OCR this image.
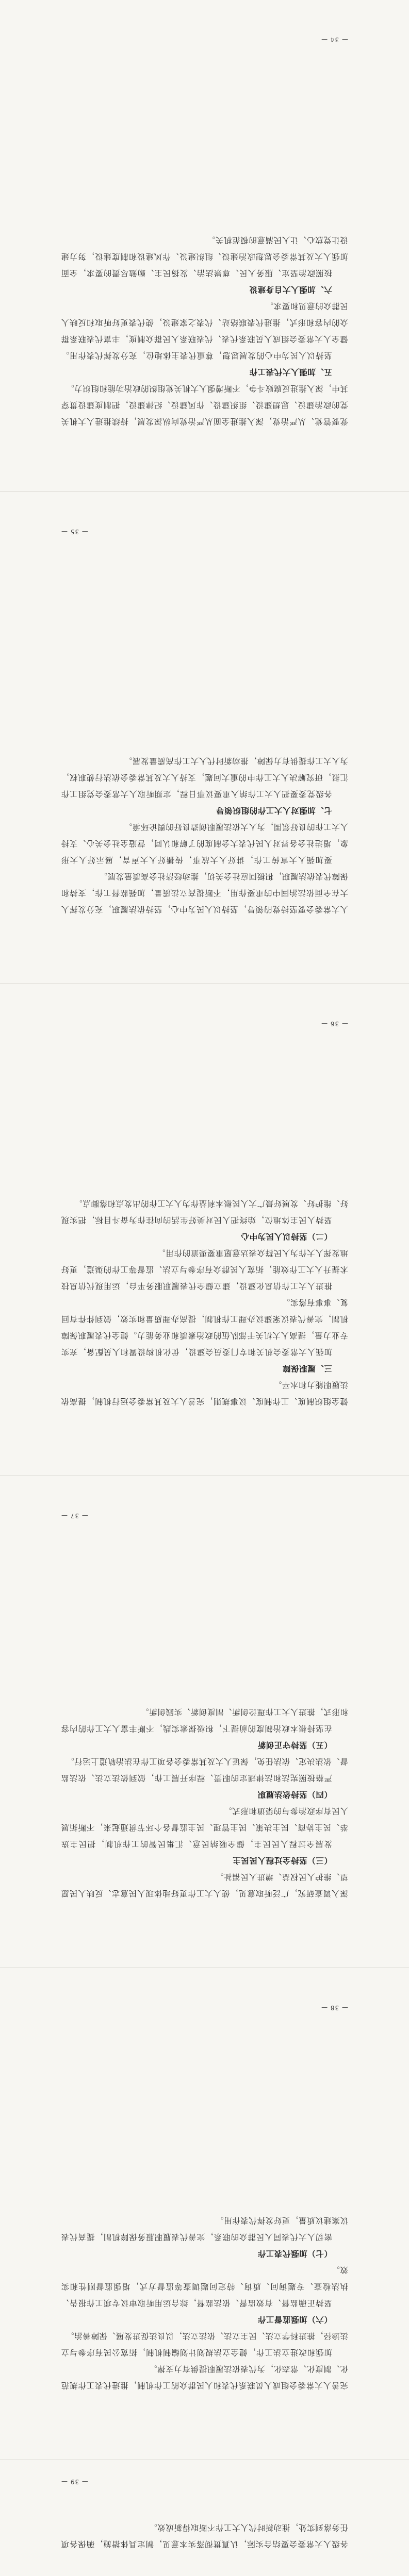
党要管党、从严治党，深入推进全面从严治党向纵深发展，持续推进人大机关党的政治建设、思想建设、组织建设、作风建设、纪律建设，把制度建设贯穿其中，深入推进反腐败斗争，不断增强人大机关党组织的政治功能和组织力。

五、加强人大代表工作

坚持以人民为中心的发展思想，尊重代表主体地位，充分发挥代表作用。健全人大常委会组成人员联系代表、代表联系人民群众制度，丰富代表联系群众的内容和形式，推进代表联络站、代表之家建设，使代表更好听取和反映人民群众的意见和要求。

六、加强人大自身建设

按照政治坚定、服务人民、尊崇法治、发扬民主、勤勉尽责的要求，全面加强人大及其常委会思想政治建设、组织建设、作风建设和制度建设，努力建设让党放心、让人民满意的模范机关。

— 34 —

人大常委会要坚持党的领导，坚持以人民为中心，坚持依法履职，充分发挥人大在全面依法治国中的重要作用，不断提高立法质量，加强监督工作，支持和保障代表依法履职，积极回应社会关切，推动经济社会高质量发展。

要加强人大宣传工作，讲好人大故事，传播好人大声音，展示好人大形象，增进社会各界对人民代表大会制度的了解和认同，营造全社会关心、支持人大工作的良好氛围，为人大依法履职创造良好的舆论环境。

七、加强对人大工作的组织领导

各级党委要把人大工作纳入重要议事日程，定期听取人大常委会党组工作汇报，研究解决人大工作中的重大问题，支持人大及其常委会依法行使职权，为人大工作提供有力保障，推动新时代人大工作高质量发展。

— 35 —

健全组织制度、工作制度、议事规则，完善人大及其常委会运行机制，提高依法履职能力和水平。

三、履职保障

加强人大常委会机关和专门委员会建设，优化机构设置和人员配备，充实专业力量，提高人大机关干部队伍的政治素质和业务能力。健全代表履职保障机制，完善代表议案建议办理工作机制，提高办理质量和实效，做到件件有回复、事事有落实。

推进人大工作信息化建设，建立健全代表履职服务平台，运用现代信息技术提升人大工作效能，拓宽人民群众有序参与立法、监督等工作的渠道，更好地发挥人大作为人民群众表达意愿重要渠道的作用。

（二）坚持以人民为中心

坚持人民主体地位，始终把人民对美好生活的向往作为奋斗目标，把实现好、维护好、发展好最广大人民根本利益作为人大工作的出发点和落脚点。

— 36 —

深入调查研究，广泛听取意见，使人大工作更好地体现人民意志、反映人民愿望、维护人民权益、增进人民福祉。

（三）坚持全过程人民民主

发展全过程人民民主，健全吸纳民意、汇集民智的工作机制，把民主选举、民主协商、民主决策、民主管理、民主监督各个环节贯通起来，不断拓展人民有序政治参与的渠道和形式。

（四）坚持依法履职

严格按照宪法和法律规定的职责、程序开展工作，做到依法立法、依法监督、依法决定、依法任免，保证人大及其常委会各项工作在法治轨道上运行。

（五）坚持守正创新

在坚持根本政治制度的前提下，积极探索实践，不断丰富人大工作的内容和形式，推进人大工作理论创新、制度创新、实践创新。

— 37 —

完善人大常委会组成人员联系代表和人民群众的工作机制，推进代表工作规范化、制度化、常态化，为代表依法履职提供有力支撑。

加强和改进立法工作，健全立法规划计划编制机制，拓宽公民有序参与立法途径，推进科学立法、民主立法、依法立法，以良法促进发展、保障善治。

（六）加强监督工作

坚持正确监督、有效监督、依法监督，综合运用听取审议专项工作报告、执法检查、专题询问、质询、特定问题调查等监督方式，增强监督刚性和实效。

（七）加强代表工作

密切人大代表同人民群众的联系，完善代表履职服务保障机制，提高代表议案建议质量，更好发挥代表作用。

— 38 —

各级人大常委会要结合实际，认真贯彻落实本意见，制定具体措施，确保各项任务落到实处，推动新时代人大工作不断取得新成效。

— 39 —
